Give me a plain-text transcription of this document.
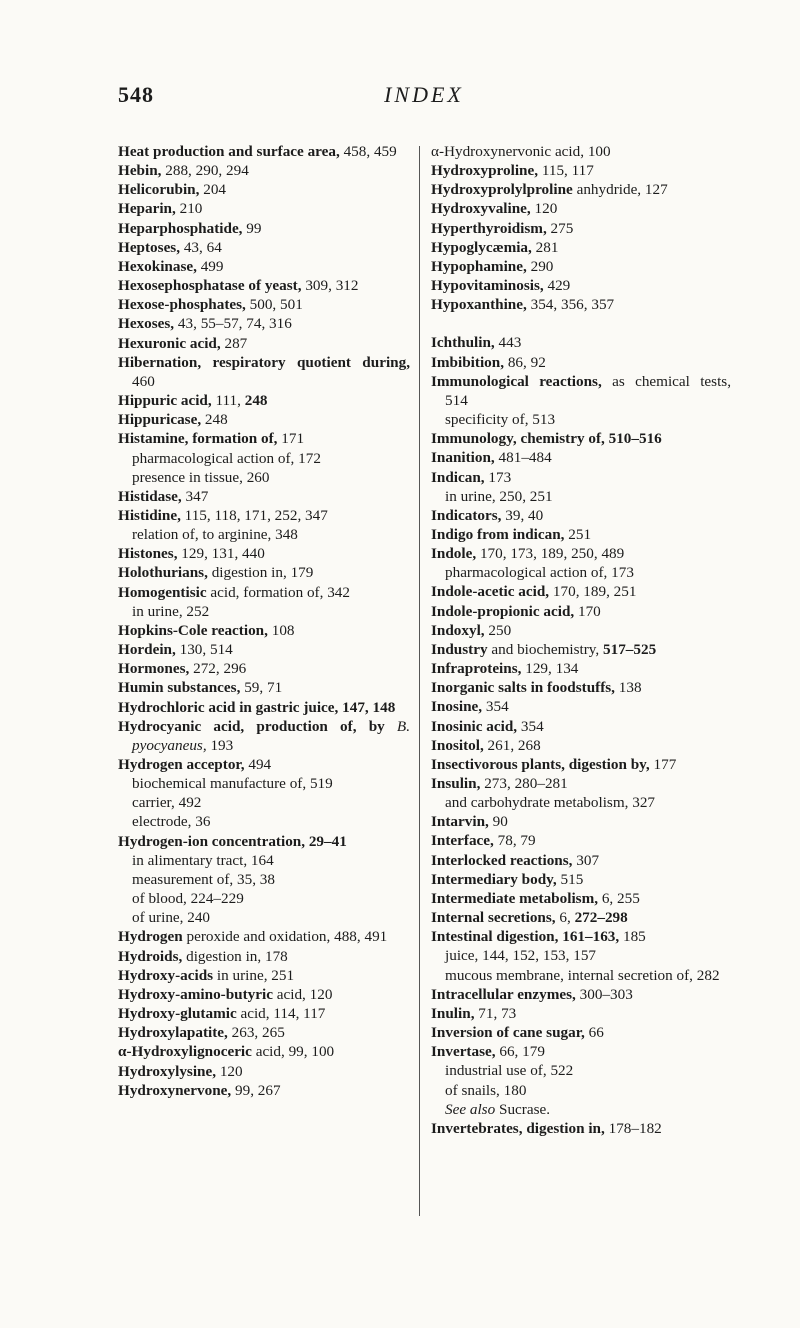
548	INDEX
Heat production and surface area, 458, 459
Hebin, 288, 290, 294
Helicorubin, 204
Heparin, 210
Heparphosphatide, 99
Heptoses, 43, 64
Hexokinase, 499
Hexosephosphatase of yeast, 309, 312
Hexose-phosphates, 500, 501
Hexoses, 43, 55–57, 74, 316
Hexuronic acid, 287
Hibernation, respiratory quotient during, 460
Hippuric acid, 111, 248
Hippuricase, 248
Histamine, formation of, 171
pharmacological action of, 172
presence in tissue, 260
Histidase, 347
Histidine, 115, 118, 171, 252, 347
relation of, to arginine, 348
Histones, 129, 131, 440
Holothurians, digestion in, 179
Homogentisic acid, formation of, 342
in urine, 252
Hopkins-Cole reaction, 108
Hordein, 130, 514
Hormones, 272, 296
Humin substances, 59, 71
Hydrochloric acid in gastric juice, 147, 148
Hydrocyanic acid, production of, by B. pyocyaneus, 193
Hydrogen acceptor, 494
biochemical manufacture of, 519
carrier, 492
electrode, 36
Hydrogen-ion concentration, 29–41
in alimentary tract, 164
measurement of, 35, 38
of blood, 224–229
of urine, 240
Hydrogen peroxide and oxidation, 488, 491
Hydroids, digestion in, 178
Hydroxy-acids in urine, 251
Hydroxy-amino-butyric acid, 120
Hydroxy-glutamic acid, 114, 117
Hydroxylapatite, 263, 265
α-Hydroxylignoceric acid, 99, 100
Hydroxylysine, 120
Hydroxynervone, 99, 267
α-Hydroxynervonic acid, 100
Hydroxyproline, 115, 117
Hydroxyprolylproline anhydride, 127
Hydroxyvaline, 120
Hyperthyroidism, 275
Hypoglycæmia, 281
Hypophamine, 290
Hypovitaminosis, 429
Hypoxanthine, 354, 356, 357
Ichthulin, 443
Imbibition, 86, 92
Immunological reactions, as chemical tests, 514
specificity of, 513
Immunology, chemistry of, 510–516
Inanition, 481–484
Indican, 173
in urine, 250, 251
Indicators, 39, 40
Indigo from indican, 251
Indole, 170, 173, 189, 250, 489
pharmacological action of, 173
Indole-acetic acid, 170, 189, 251
Indole-propionic acid, 170
Indoxyl, 250
Industry and biochemistry, 517–525
Infraproteins, 129, 134
Inorganic salts in foodstuffs, 138
Inosine, 354
Inosinic acid, 354
Inositol, 261, 268
Insectivorous plants, digestion by, 177
Insulin, 273, 280–281
and carbohydrate metabolism, 327
Intarvin, 90
Interface, 78, 79
Interlocked reactions, 307
Intermediary body, 515
Intermediate metabolism, 6, 255
Internal secretions, 6, 272–298
Intestinal digestion, 161–163, 185
juice, 144, 152, 153, 157
mucous membrane, internal secretion of, 282
Intracellular enzymes, 300–303
Inulin, 71, 73
Inversion of cane sugar, 66
Invertase, 66, 179
industrial use of, 522
of snails, 180
See also Sucrase.
Invertebrates, digestion in, 178–182
